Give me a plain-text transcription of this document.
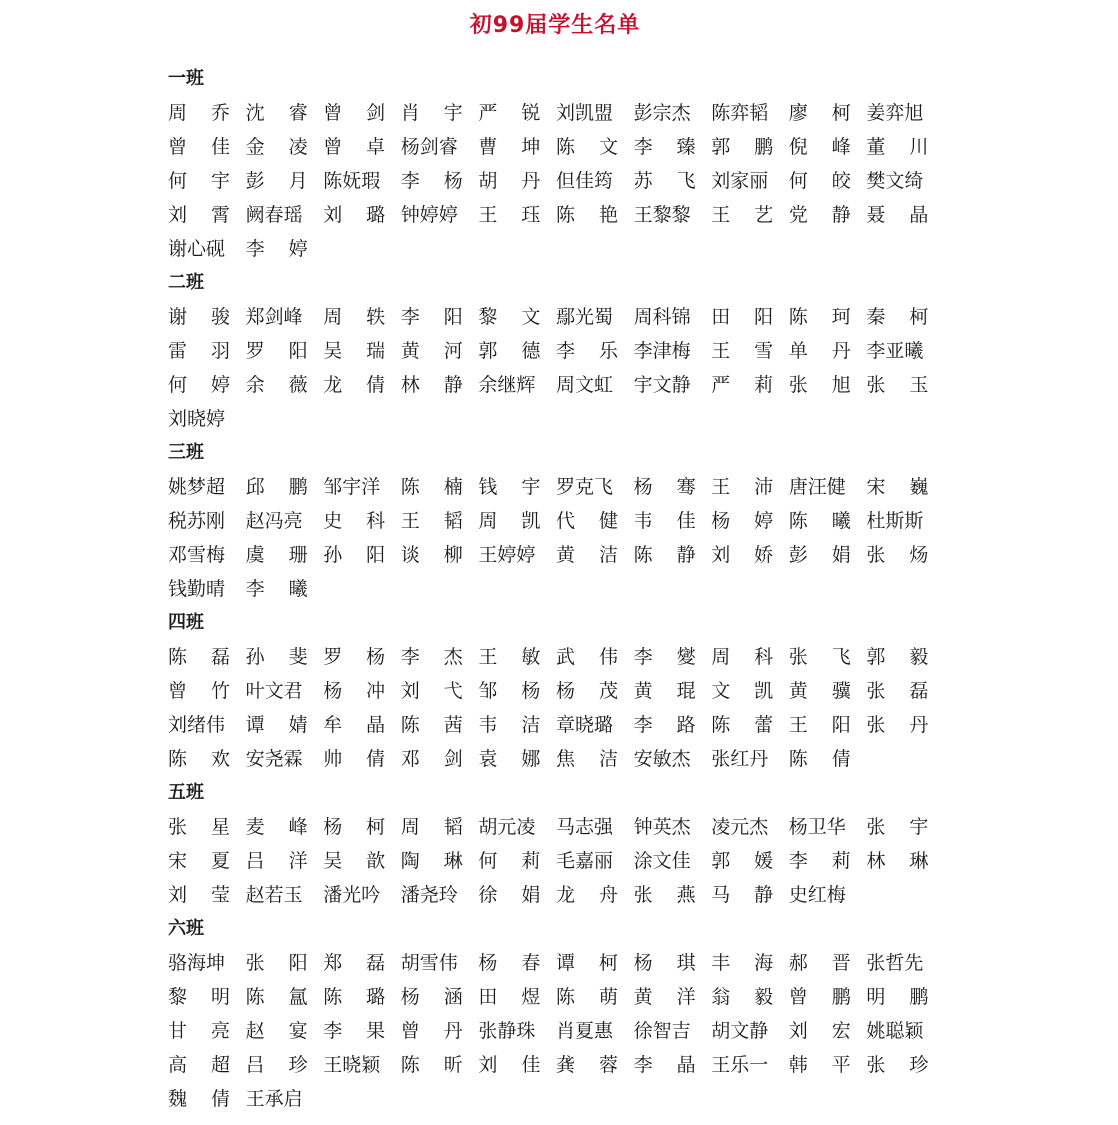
初99届学生名单
一班
周 乔 沈 睿 曾 剑 肖 宇 严 锐 刘凯盟 彭宗杰 陈弈韬 廖 柯 姜弈旭
曾 佳 金 凌 曾 卓 杨剑睿 曹 坤 陈 文 李 臻 郭 鹏 倪 峰 董 川
何 宇 彭 月 陈妩瑕 李 杨 胡 丹 但佳筠 苏 飞 刘家丽 何 皎 樊文绮
刘 霄 阙春瑶 刘 璐 钟婷婷 王 珏 陈 艳 王黎黎 王 艺 党 静 聂 晶
谢心砚 李 婷
二班
谢 骏 郑剑峰 周 轶 李 阳 黎 文 鄢光蜀 周科锦 田 阳 陈 珂 秦 柯
雷 羽 罗 阳 吴 瑞 黄 河 郭 德 李 乐 李津梅 王 雪 单 丹 李亚曦
何 婷 余 薇 龙 倩 林 静 余继辉 周文虹 宇文静 严 莉 张 旭 张 玉
刘晓婷
三班
姚梦超 邱 鹏 邹宇洋 陈 楠 钱 宇 罗克飞 杨 骞 王 沛 唐汪健 宋 巍
税苏刚 赵冯亮 史 科 王 韬 周 凯 代 健 韦 佳 杨 婷 陈 曦 杜斯斯
邓雪梅 虞 珊 孙 阳 谈 柳 王婷婷 黄 洁 陈 静 刘 娇 彭 娟 张 炀
钱勤晴 李 曦
四班
陈 磊 孙 斐 罗 杨 李 杰 王 敏 武 伟 李 夑 周 科 张 飞 郭 毅
曾 竹 叶文君 杨 冲 刘 弋 邹 杨 杨 茂 黄 琨 文 凯 黄 骥 张 磊
刘绪伟 谭 婧 牟 晶 陈 茜 韦 洁 章晓璐 李 路 陈 蕾 王 阳 张 丹
陈 欢 安尧霖 帅 倩 邓 剑 袁 娜 焦 洁 安敏杰 张红丹 陈 倩
五班
张 星 麦 峰 杨 柯 周 韬 胡元凌 马志强 钟英杰 凌元杰 杨卫华 张 宇
宋 夏 吕 洋 吴 歆 陶 琳 何 莉 毛嘉丽 涂文佳 郭 媛 李 莉 林 琳
刘 莹 赵若玉 潘光吟 潘尧玲 徐 娟 龙 舟 张 燕 马 静 史红梅
六班
骆海坤 张 阳 郑 磊 胡雪伟 杨 春 谭 柯 杨 琪 丰 海 郝 晋 张哲先
黎 明 陈 氲 陈 璐 杨 涵 田 煜 陈 萌 黄 洋 翁 毅 曾 鹏 明 鹏
甘 亮 赵 宴 李 果 曾 丹 张静珠 肖夏惠 徐智吉 胡文静 刘 宏 姚聪颖
高 超 吕 珍 王晓颖 陈 昕 刘 佳 龚 蓉 李 晶 王乐一 韩 平 张 珍
魏 倩 王承启
